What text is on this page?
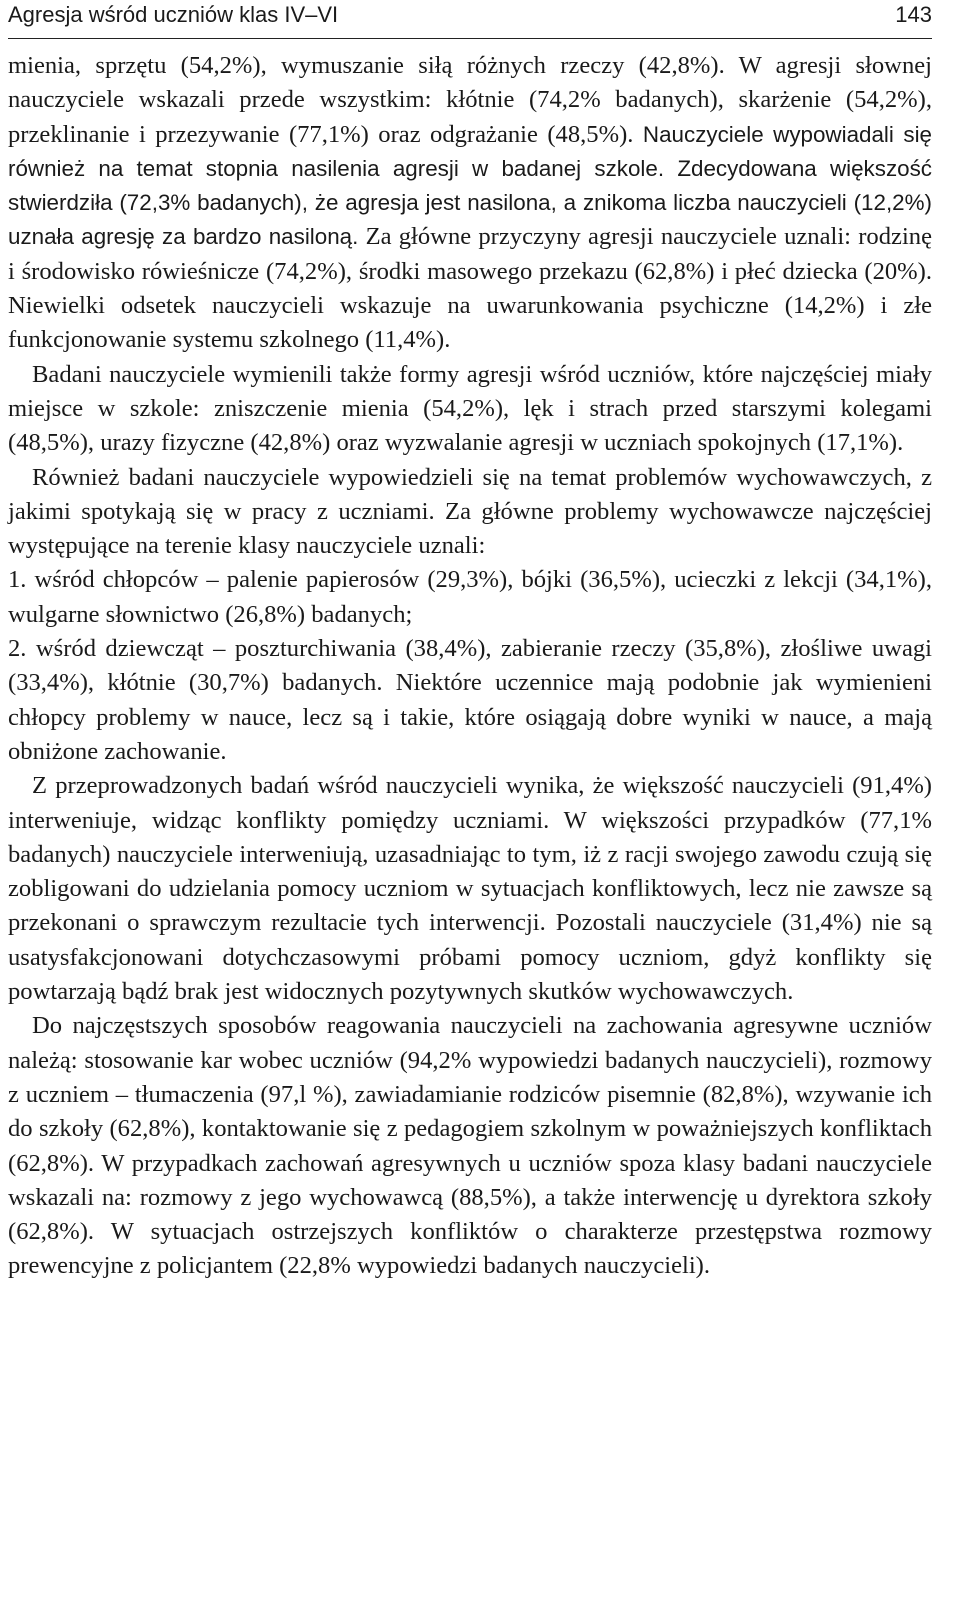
Agresja wśród uczniów klas IV–VI	143

mienia, sprzętu (54,2%), wymuszanie siłą różnych rzeczy (42,8%). W agresji słownej nauczyciele wskazali przede wszystkim: kłótnie (74,2% badanych), skarżenie (54,2%), przeklinanie i przezywanie (77,1%) oraz odgrażanie (48,5%). Nauczyciele wypowiadali się również na temat stopnia nasilenia agresji w badanej szkole. Zdecydowana większość stwierdziła (72,3% badanych), że agresja jest nasilona, a znikoma liczba nauczycieli (12,2%) uznała agresję za bardzo nasiloną. Za główne przyczyny agresji nauczyciele uznali: rodzinę i środowisko rówieśnicze (74,2%), środki masowego przekazu (62,8%) i płeć dziecka (20%). Niewielki odsetek nauczycieli wskazuje na uwarunkowania psychiczne (14,2%) i złe funkcjonowanie systemu szkolnego (11,4%).

Badani nauczyciele wymienili także formy agresji wśród uczniów, które najczęściej miały miejsce w szkole: zniszczenie mienia (54,2%), lęk i strach przed starszymi kolegami (48,5%), urazy fizyczne (42,8%) oraz wyzwalanie agresji w uczniach spokojnych (17,1%).

Również badani nauczyciele wypowiedzieli się na temat problemów wychowawczych, z jakimi spotykają się w pracy z uczniami. Za główne problemy wychowawcze najczęściej występujące na terenie klasy nauczyciele uznali:

1. wśród chłopców – palenie papierosów (29,3%), bójki (36,5%), ucieczki z lekcji (34,1%), wulgarne słownictwo (26,8%) badanych;

2. wśród dziewcząt – poszturchiwania (38,4%), zabieranie rzeczy (35,8%), złośliwe uwagi (33,4%), kłótnie (30,7%) badanych. Niektóre uczennice mają podobnie jak wymienieni chłopcy problemy w nauce, lecz są i takie, które osiągają dobre wyniki w nauce, a mają obniżone zachowanie.

Z przeprowadzonych badań wśród nauczycieli wynika, że większość nauczycieli (91,4%) interweniuje, widząc konflikty pomiędzy uczniami. W większości przypadków (77,1% badanych) nauczyciele interweniują, uzasadniając to tym, iż z racji swojego zawodu czują się zobligowani do udzielania pomocy uczniom w sytuacjach konfliktowych, lecz nie zawsze są przekonani o sprawczym rezultacie tych interwencji. Pozostali nauczyciele (31,4%) nie są usatysfakcjonowani dotychczasowymi próbami pomocy uczniom, gdyż konflikty się powtarzają bądź brak jest widocznych pozytywnych skutków wychowawczych.

Do najczęstszych sposobów reagowania nauczycieli na zachowania agresywne uczniów należą: stosowanie kar wobec uczniów (94,2% wypowiedzi badanych nauczycieli), rozmowy z uczniem – tłumaczenia (97,l %), zawiadamianie rodziców pisemnie (82,8%), wzywanie ich do szkoły (62,8%), kontaktowanie się z pedagogiem szkolnym w poważniejszych konfliktach (62,8%). W przypadkach zachowań agresywnych u uczniów spoza klasy badani nauczyciele wskazali na: rozmowy z jego wychowawcą (88,5%), a także interwencję u dyrektora szkoły (62,8%). W sytuacjach ostrzejszych konfliktów o charakterze przestępstwa rozmowy prewencyjne z policjantem (22,8% wypowiedzi badanych nauczycieli).
